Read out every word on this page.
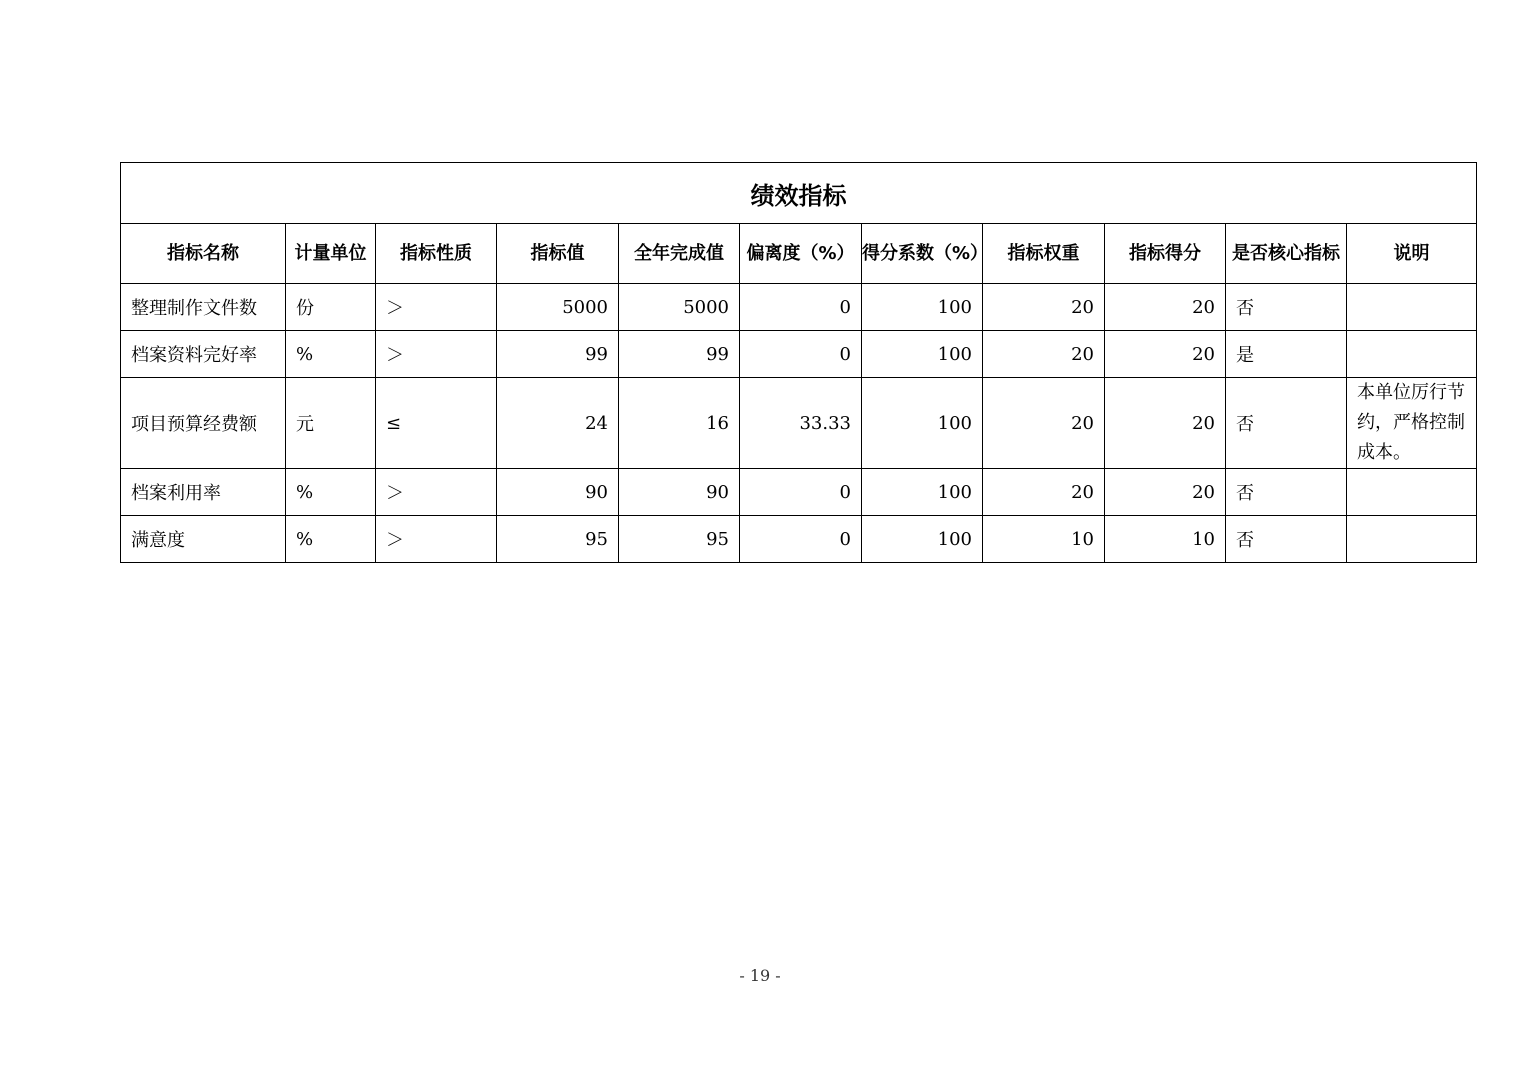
绩效指标										
指标名称	计量单位	指标性质	指标值	全年完成值	偏离度（%）	得分系数（%）	指标权重	指标得分	是否核心指标	说明
整理制作文件数	份	＞	5000	5000	0	100	20	20	否	
档案资料完好率	%	＞	99	99	0	100	20	20	是	
项目预算经费额	元	≤	24	16	33.33	100	20	20	否	本单位厉行节约，严格控制成本。
档案利用率	%	＞	90	90	0	100	20	20	否	
满意度	%	＞	95	95	0	100	10	10	否	
- 19 -
